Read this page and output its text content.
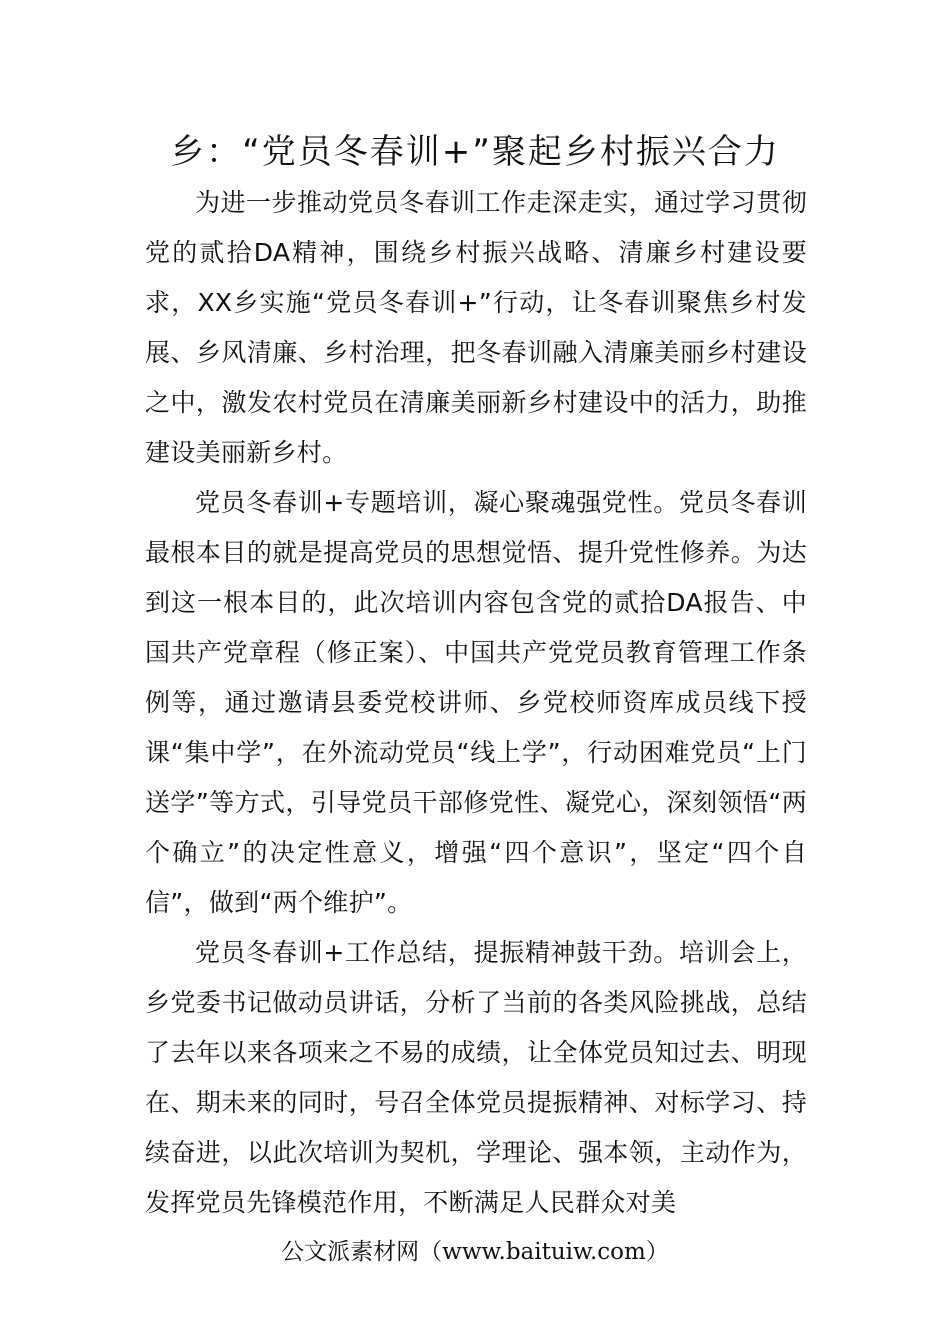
乡：“党员冬春训+”聚起乡村振兴合力

为进一步推动党员冬春训工作走深走实，通过学习贯彻党的贰拾DA精神，围绕乡村振兴战略、清廉乡村建设要求，XX乡实施“党员冬春训+”行动，让冬春训聚焦乡村发展、乡风清廉、乡村治理，把冬春训融入清廉美丽乡村建设之中，激发农村党员在清廉美丽新乡村建设中的活力，助推建设美丽新乡村。

党员冬春训+专题培训，凝心聚魂强党性。党员冬春训最根本目的就是提高党员的思想觉悟、提升党性修养。为达到这一根本目的，此次培训内容包含党的贰拾DA报告、中国共产党章程（修正案）、中国共产党党员教育管理工作条例等，通过邀请县委党校讲师、乡党校师资库成员线下授课“集中学”，在外流动党员“线上学”，行动困难党员“上门送学”等方式，引导党员干部修党性、凝党心，深刻领悟“两个确立”的决定性意义，增强“四个意识”，坚定“四个自信”，做到“两个维护”。

党员冬春训+工作总结，提振精神鼓干劲。培训会上，乡党委书记做动员讲话，分析了当前的各类风险挑战，总结了去年以来各项来之不易的成绩，让全体党员知过去、明现在、期未来的同时，号召全体党员提振精神、对标学习、持续奋进，以此次培训为契机，学理论、强本领，主动作为，发挥党员先锋模范作用，不断满足人民群众对美

公文派素材网（www.baituiw.com）
